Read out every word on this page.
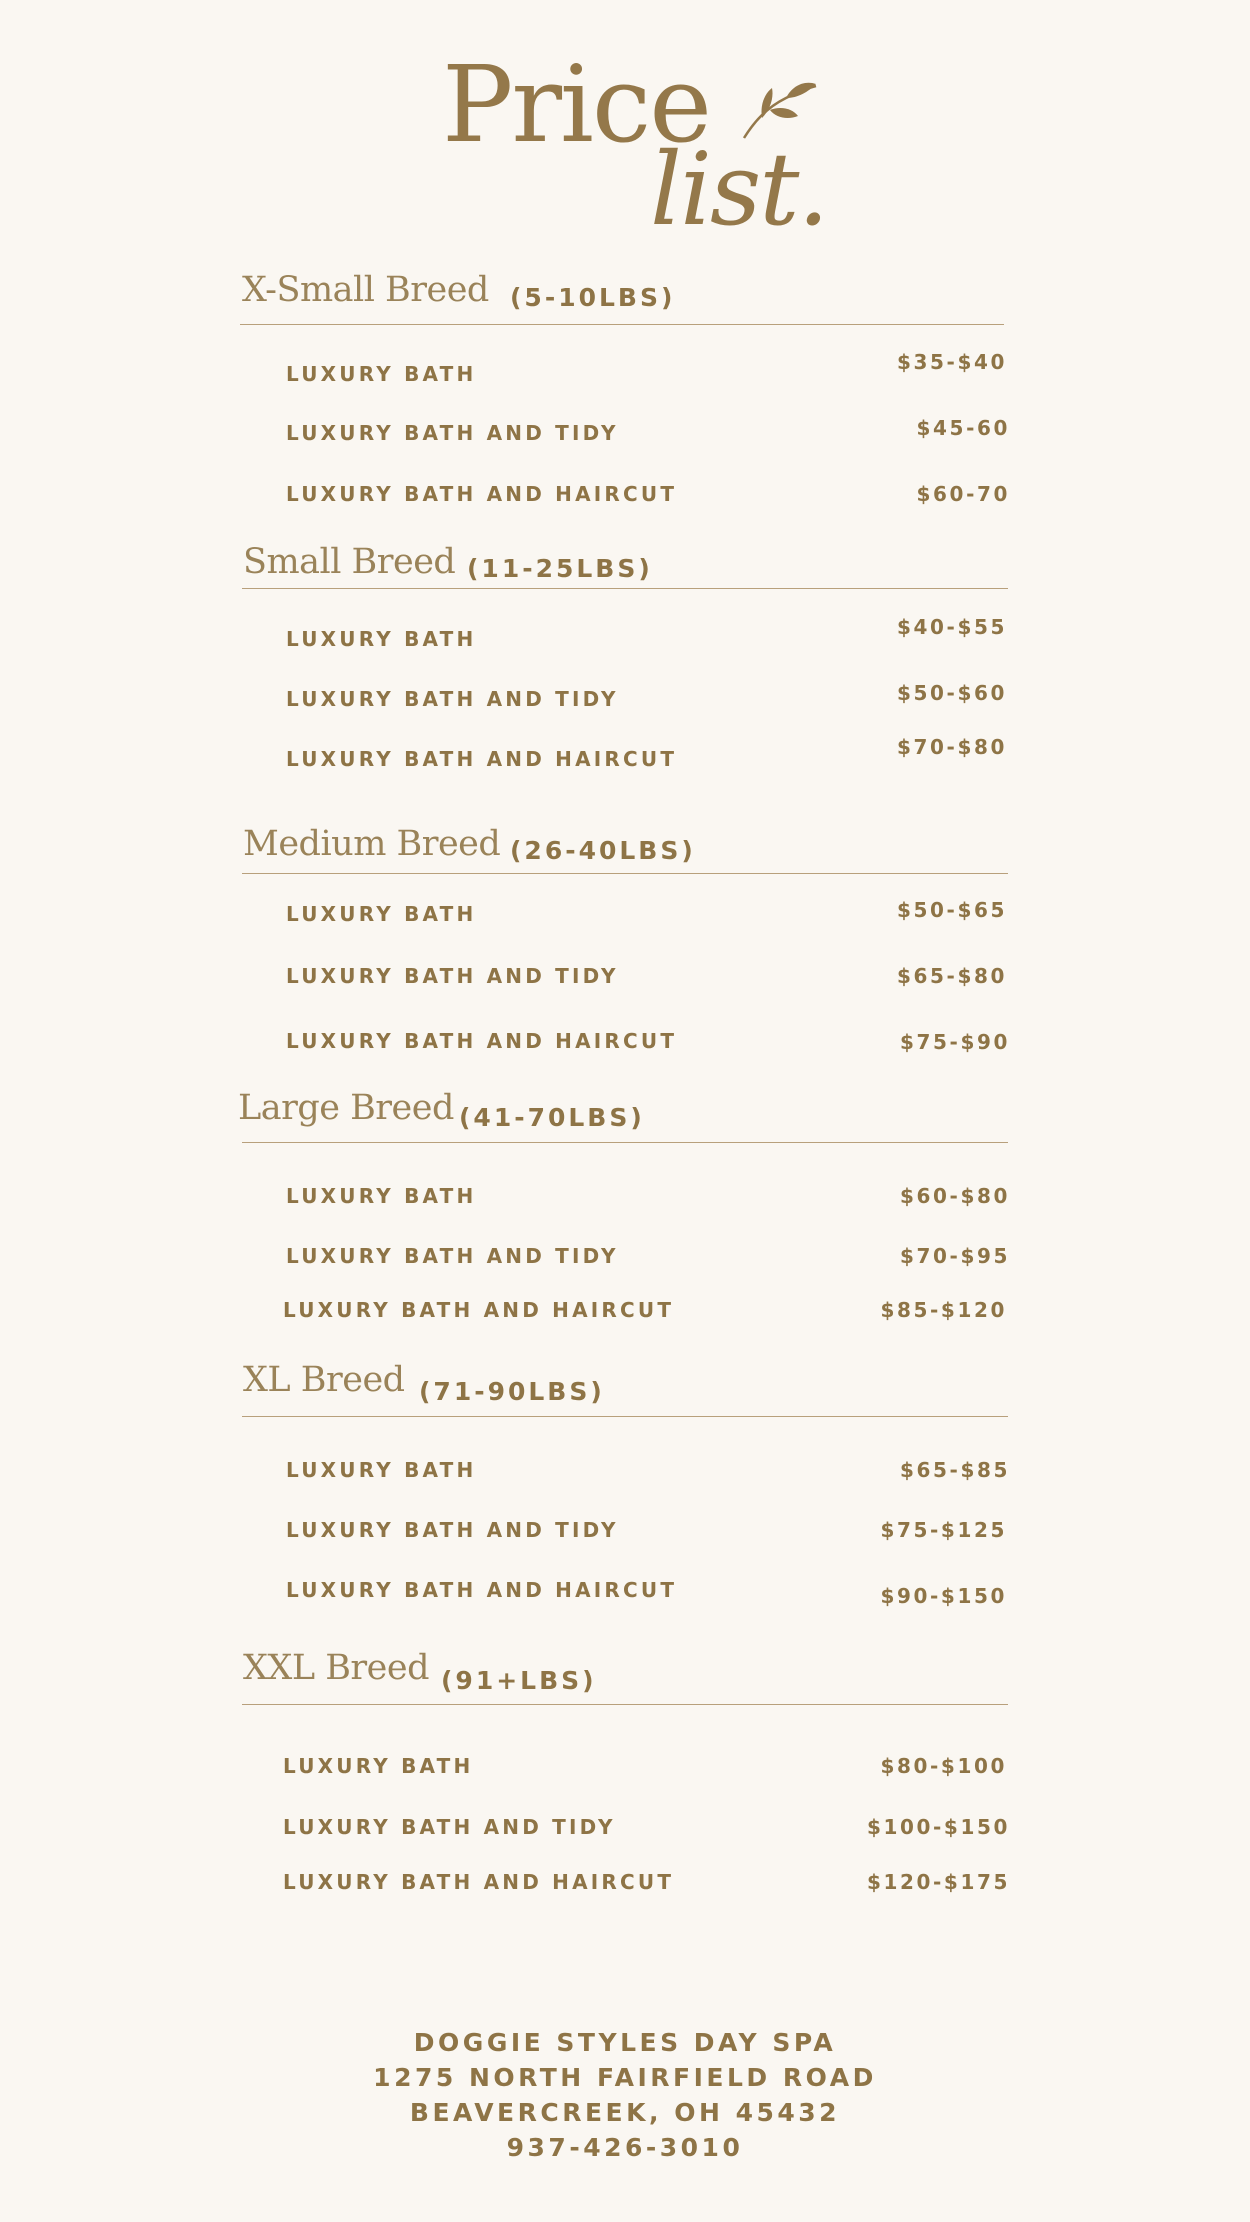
Price
list.
X-Small Breed (5-10LBS)
LUXURY BATH	$35-$40
LUXURY BATH AND TIDY	$45-60
LUXURY BATH AND HAIRCUT	$60-70
Small Breed (11-25LBS)
LUXURY BATH	$40-$55
LUXURY BATH AND TIDY	$50-$60
LUXURY BATH AND HAIRCUT	$70-$80
Medium Breed (26-40LBS)
LUXURY BATH	$50-$65
LUXURY BATH AND TIDY	$65-$80
LUXURY BATH AND HAIRCUT	$75-$90
Large Breed (41-70LBS)
LUXURY BATH	$60-$80
LUXURY BATH AND TIDY	$70-$95
LUXURY BATH AND HAIRCUT	$85-$120
XL Breed (71-90LBS)
LUXURY BATH	$65-$85
LUXURY BATH AND TIDY	$75-$125
LUXURY BATH AND HAIRCUT	$90-$150
XXL Breed (91+LBS)
LUXURY BATH	$80-$100
LUXURY BATH AND TIDY	$100-$150
LUXURY BATH AND HAIRCUT	$120-$175
DOGGIE STYLES DAY SPA
1275 NORTH FAIRFIELD ROAD
BEAVERCREEK, OH 45432
937-426-3010
